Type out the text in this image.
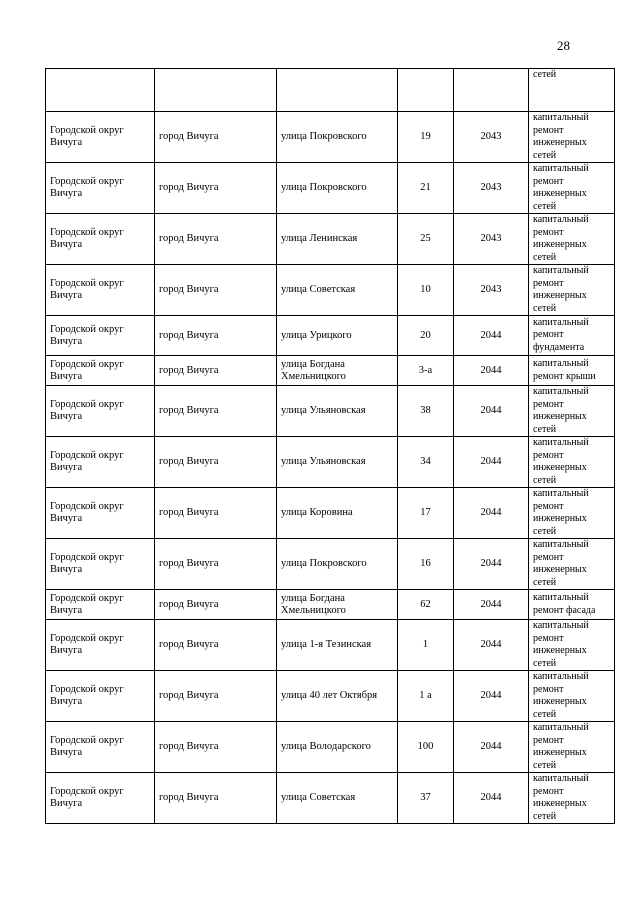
28
					сетей
Городской округ Вичуга	город Вичуга	улица Покровского	19	2043	капитальный ремонт инженерных сетей
Городской округ Вичуга	город Вичуга	улица Покровского	21	2043	капитальный ремонт инженерных сетей
Городской округ Вичуга	город Вичуга	улица Ленинская	25	2043	капитальный ремонт инженерных сетей
Городской округ Вичуга	город Вичуга	улица Советская	10	2043	капитальный ремонт инженерных сетей
Городской округ Вичуга	город Вичуга	улица Урицкого	20	2044	капитальный ремонт фундамента
Городской округ Вичуга	город Вичуга	улица Богдана Хмельницкого	3-а	2044	капитальный ремонт крыши
Городской округ Вичуга	город Вичуга	улица Ульяновская	38	2044	капитальный ремонт инженерных сетей
Городской округ Вичуга	город Вичуга	улица Ульяновская	34	2044	капитальный ремонт инженерных сетей
Городской округ Вичуга	город Вичуга	улица Коровина	17	2044	капитальный ремонт инженерных сетей
Городской округ Вичуга	город Вичуга	улица Покровского	16	2044	капитальный ремонт инженерных сетей
Городской округ Вичуга	город Вичуга	улица Богдана Хмельницкого	62	2044	капитальный ремонт фасада
Городской округ Вичуга	город Вичуга	улица 1-я Тезинская	1	2044	капитальный ремонт инженерных сетей
Городской округ Вичуга	город Вичуга	улица 40 лет Октября	1 а	2044	капитальный ремонт инженерных сетей
Городской округ Вичуга	город Вичуга	улица Володарского	100	2044	капитальный ремонт инженерных сетей
Городской округ Вичуга	город Вичуга	улица Советская	37	2044	капитальный ремонт инженерных сетей
